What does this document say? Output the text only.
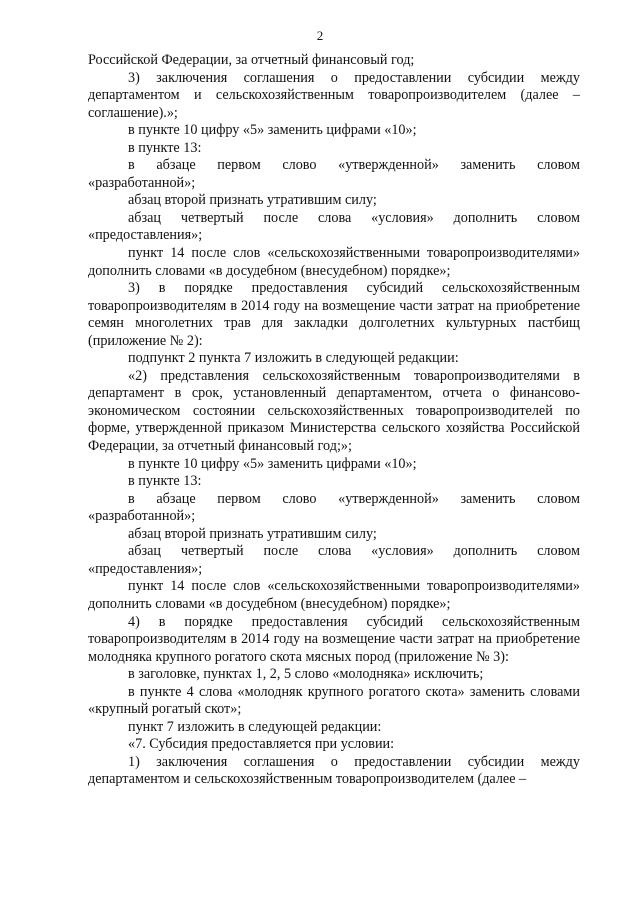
2

Российской Федерации, за отчетный финансовый год;

3) заключения соглашения о предоставлении субсидии между департаментом и сельскохозяйственным товаропроизводителем (далее – соглашение).»;

в пункте 10 цифру «5» заменить цифрами «10»;

в пункте 13:

в абзаце первом слово «утвержденной» заменить словом «разработанной»;

абзац второй признать утратившим силу;

абзац четвертый после слова «условия» дополнить словом «предоставления»;

пункт 14 после слов «сельскохозяйственными товаропроизводителями» дополнить словами «в досудебном (внесудебном) порядке»;

3) в порядке предоставления субсидий сельскохозяйственным товаропроизводителям в 2014 году на возмещение части затрат на приобретение семян многолетних трав для закладки долголетних культурных пастбищ (приложение № 2):

подпункт 2 пункта 7 изложить в следующей редакции:

«2) представления сельскохозяйственным товаропроизводителями в департамент в срок, установленный департаментом, отчета о финансово-экономическом состоянии сельскохозяйственных товаропроизводителей по форме, утвержденной приказом Министерства сельского хозяйства Российской Федерации, за отчетный финансовый год;»;

в пункте 10 цифру «5» заменить цифрами «10»;

в пункте 13:

в абзаце первом слово «утвержденной» заменить словом «разработанной»;

абзац второй признать утратившим силу;

абзац четвертый после слова «условия» дополнить словом «предоставления»;

пункт 14 после слов «сельскохозяйственными товаропроизводителями» дополнить словами «в досудебном (внесудебном) порядке»;

4) в порядке предоставления субсидий сельскохозяйственным товаропроизводителям в 2014 году на возмещение части затрат на приобретение молодняка крупного рогатого скота мясных пород (приложение № 3):

в заголовке, пунктах 1, 2, 5 слово «молодняка» исключить;

в пункте 4 слова «молодняк крупного рогатого скота» заменить словами «крупный рогатый скот»;

пункт 7 изложить в следующей редакции:

«7. Субсидия предоставляется при условии:

1) заключения соглашения о предоставлении субсидии между департаментом и сельскохозяйственным товаропроизводителем (далее –
